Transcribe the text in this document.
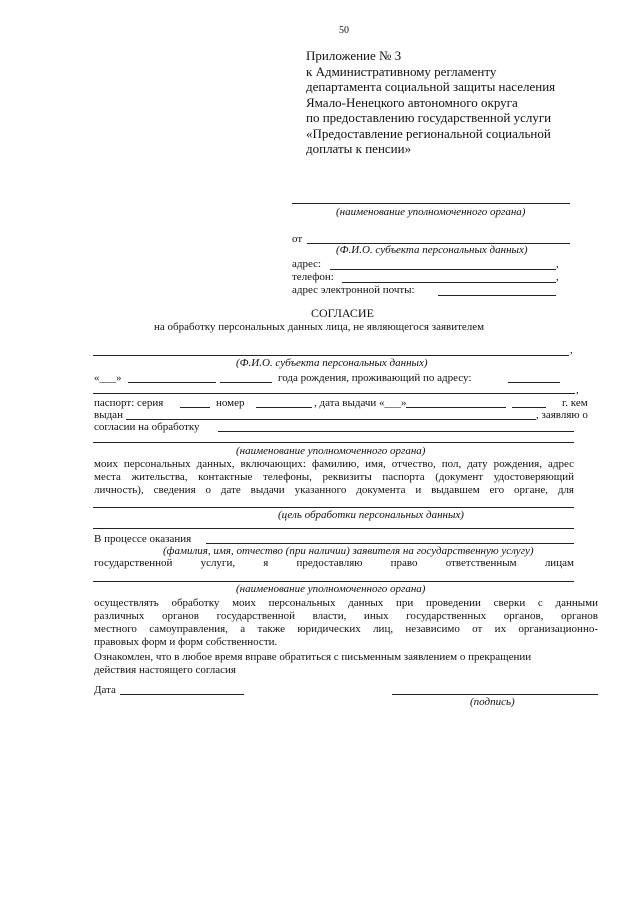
50
Приложение № 3
к Административному регламенту
департамента социальной защиты населения
Ямало-Ненецкого автономного округа
по предоставлению государственной услуги
«Предоставление региональной социальной
доплаты к пенсии»
(наименование уполномоченного органа)
от
(Ф.И.О. субъекта персональных данных)
адрес:	,
телефон:	,
адрес электронной почты:
СОГЛАСИЕ
на обработку персональных данных лица, не являющегося заявителем
,
(Ф.И.О. субъекта персональных данных)
«___»	года рождения, проживающий по адресу:
,
паспорт: серия	номер	, дата выдачи «___»	г. кем
выдан	, заявляю о
согласии на обработку
(наименование уполномоченного органа)
моих персональных данных, включающих: фамилию, имя, отчество, пол, дату рождения, адрес
места жительства, контактные телефоны, реквизиты паспорта (документ удостоверяющий
личность), сведения о дате выдачи указанного документа и выдавшем его органе, для
(цель обработки персональных данных)
В процессе оказания
(фамилия, имя, отчество (при наличии) заявителя на государственную услугу)
государственной	услуги,	я	предоставляю	право	ответственным	лицам
(наименование уполномоченного органа)
осуществлять обработку моих персональных данных при проведении сверки с данными
различных органов государственной власти, иных государственных органов, органов
местного самоуправления, а также юридических лиц, независимо от их организационно-
правовых форм и форм собственности.
Ознакомлен, что в любое время вправе обратиться с письменным заявлением о прекращении
действия настоящего согласия
Дата
(подпись)
